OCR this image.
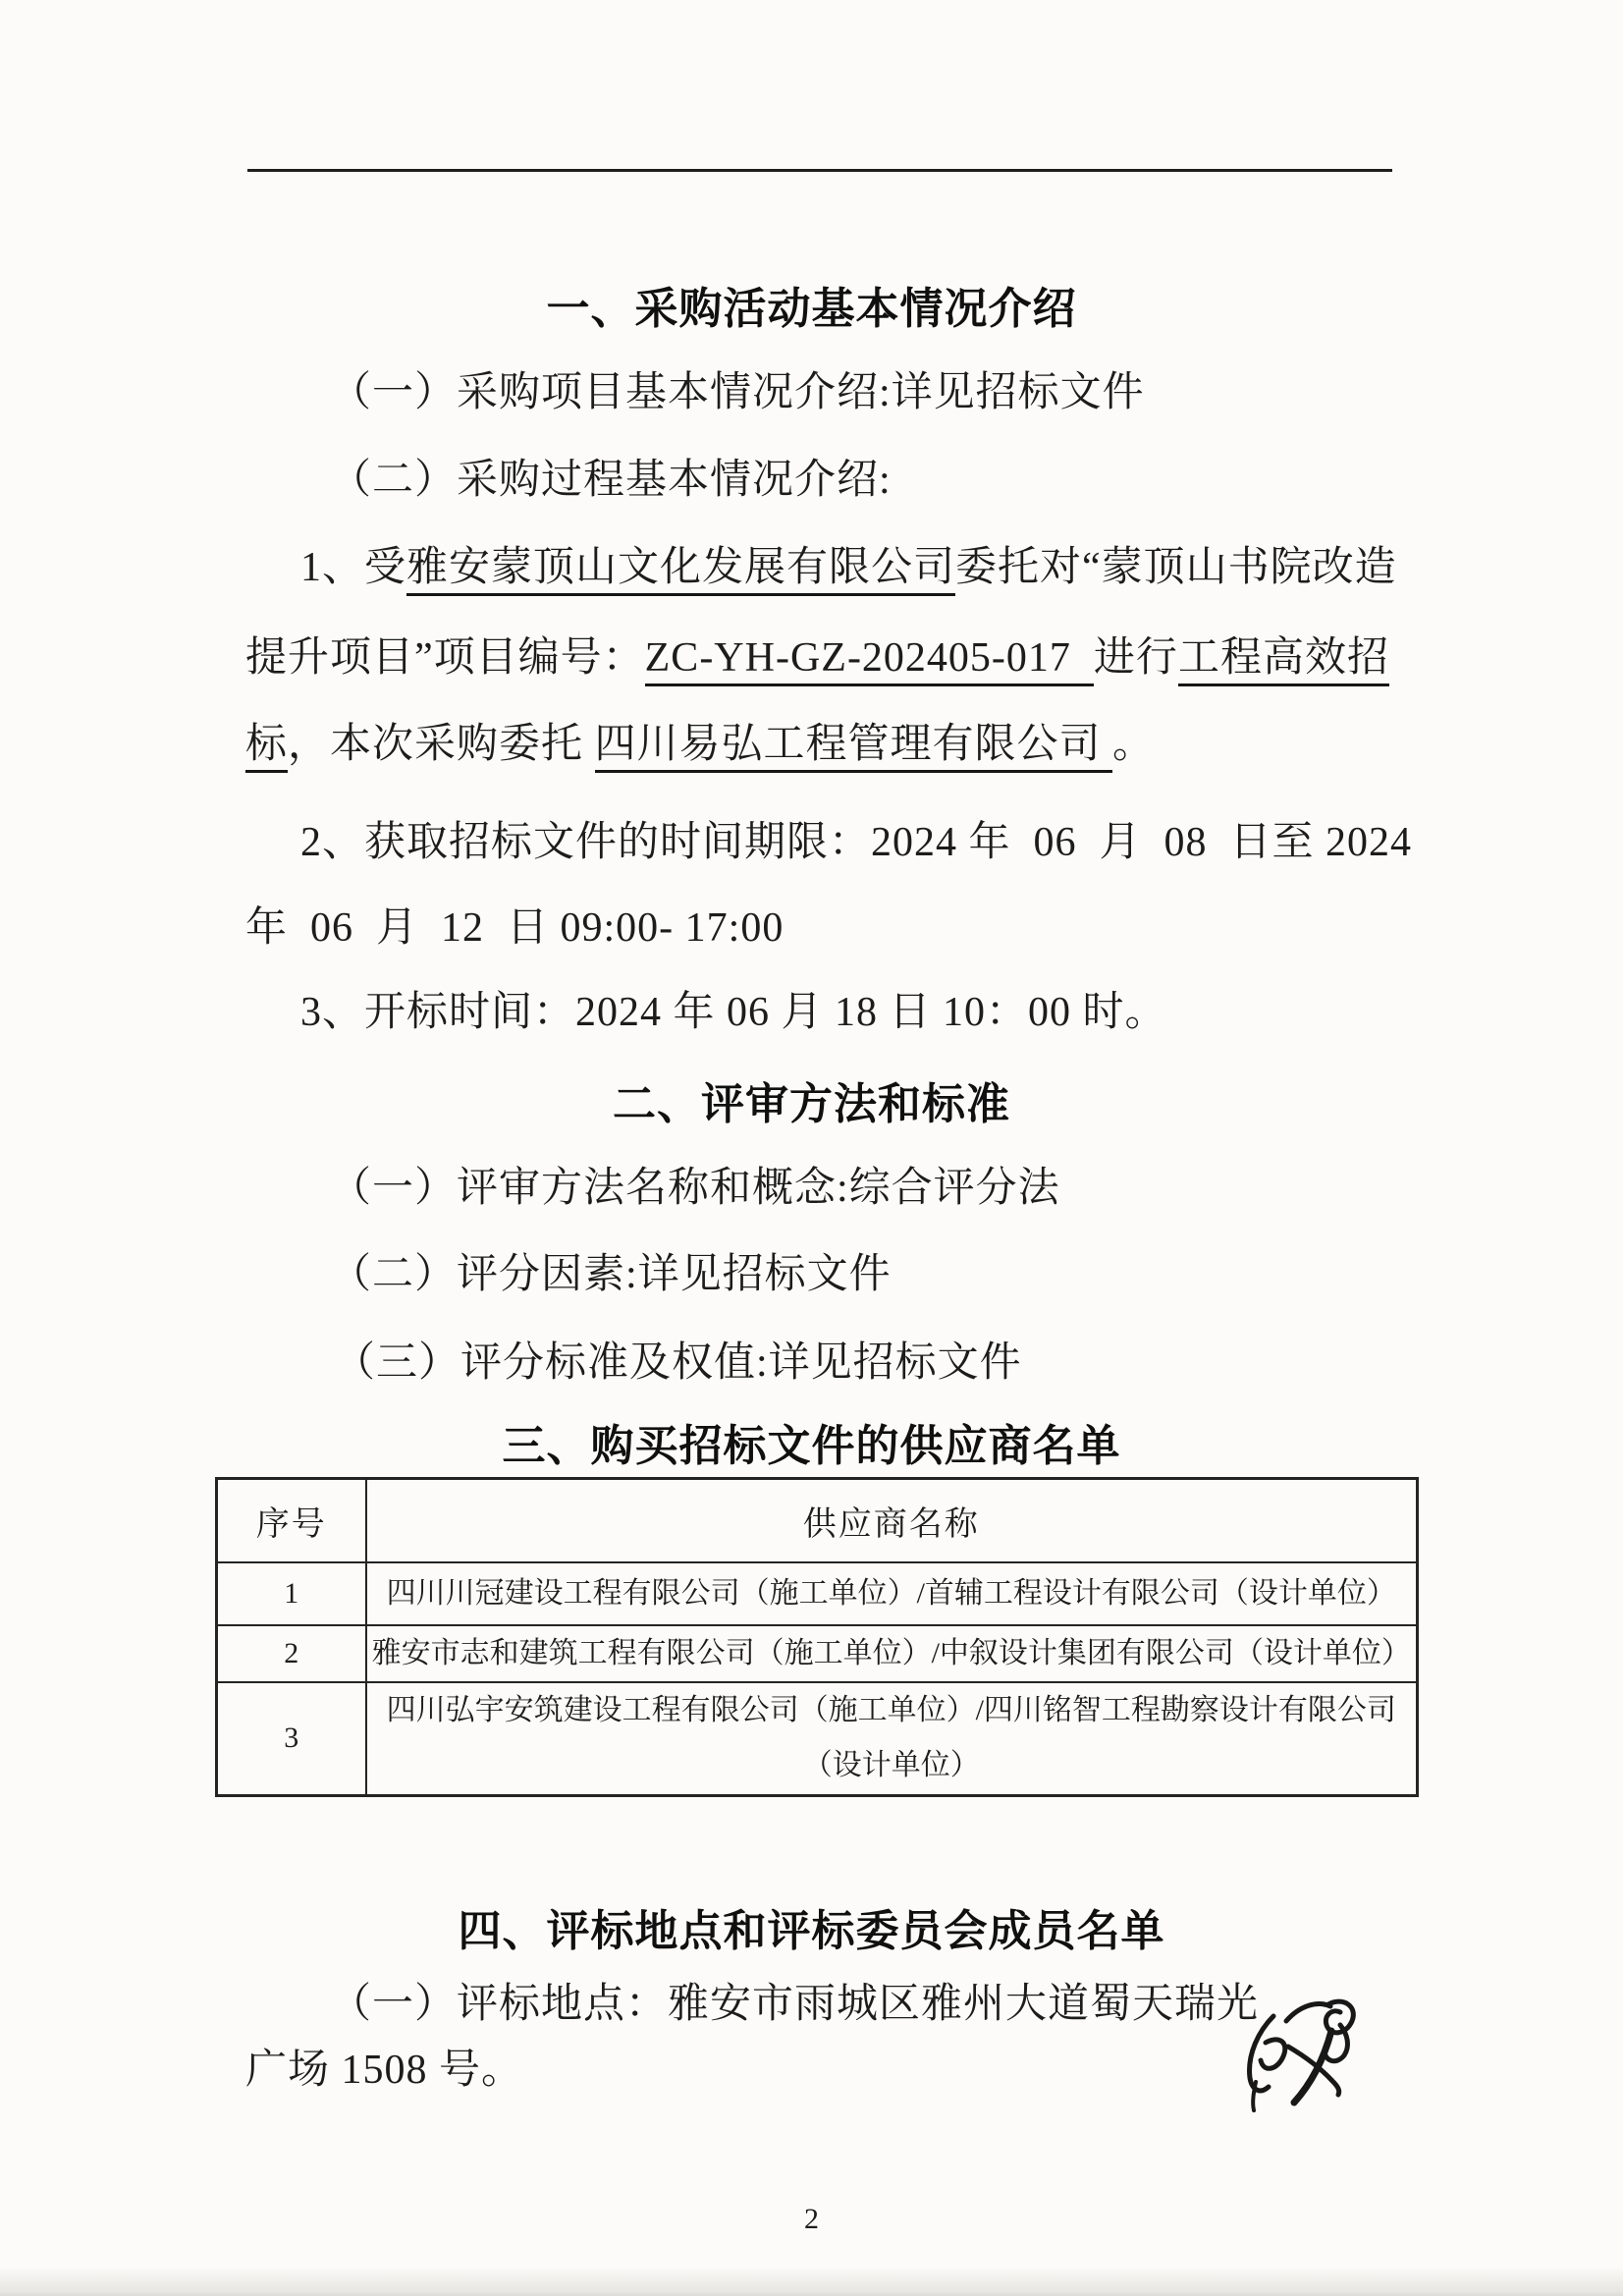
一、采购活动基本情况介绍
（一）采购项目基本情况介绍:详见招标文件
（二）采购过程基本情况介绍:
1、受雅安蒙顶山文化发展有限公司委托对“蒙顶山书院改造
提升项目”项目编号：ZC-YH-GZ-202405-017  进行工程高效招
标，本次采购委托 四川易弘工程管理有限公司 。
2、获取招标文件的时间期限：2024 年  06  月  08  日至 2024
年  06  月  12  日 09:00- 17:00
3、开标时间：2024 年 06 月 18 日 10：00 时。
二、评审方法和标准
（一）评审方法名称和概念:综合评分法
（二）评分因素:详见招标文件
（三）评分标准及权值:详见招标文件
三、购买招标文件的供应商名单
序号	供应商名称
1	四川川冠建设工程有限公司（施工单位）/首辅工程设计有限公司（设计单位）
2	雅安市志和建筑工程有限公司（施工单位）/中叙设计集团有限公司（设计单位）
3	四川弘宇安筑建设工程有限公司（施工单位）/四川铭智工程勘察设计有限公司（设计单位）
四、评标地点和评标委员会成员名单
（一）评标地点：雅安市雨城区雅州大道蜀天瑞光
广场 1508 号。
2
